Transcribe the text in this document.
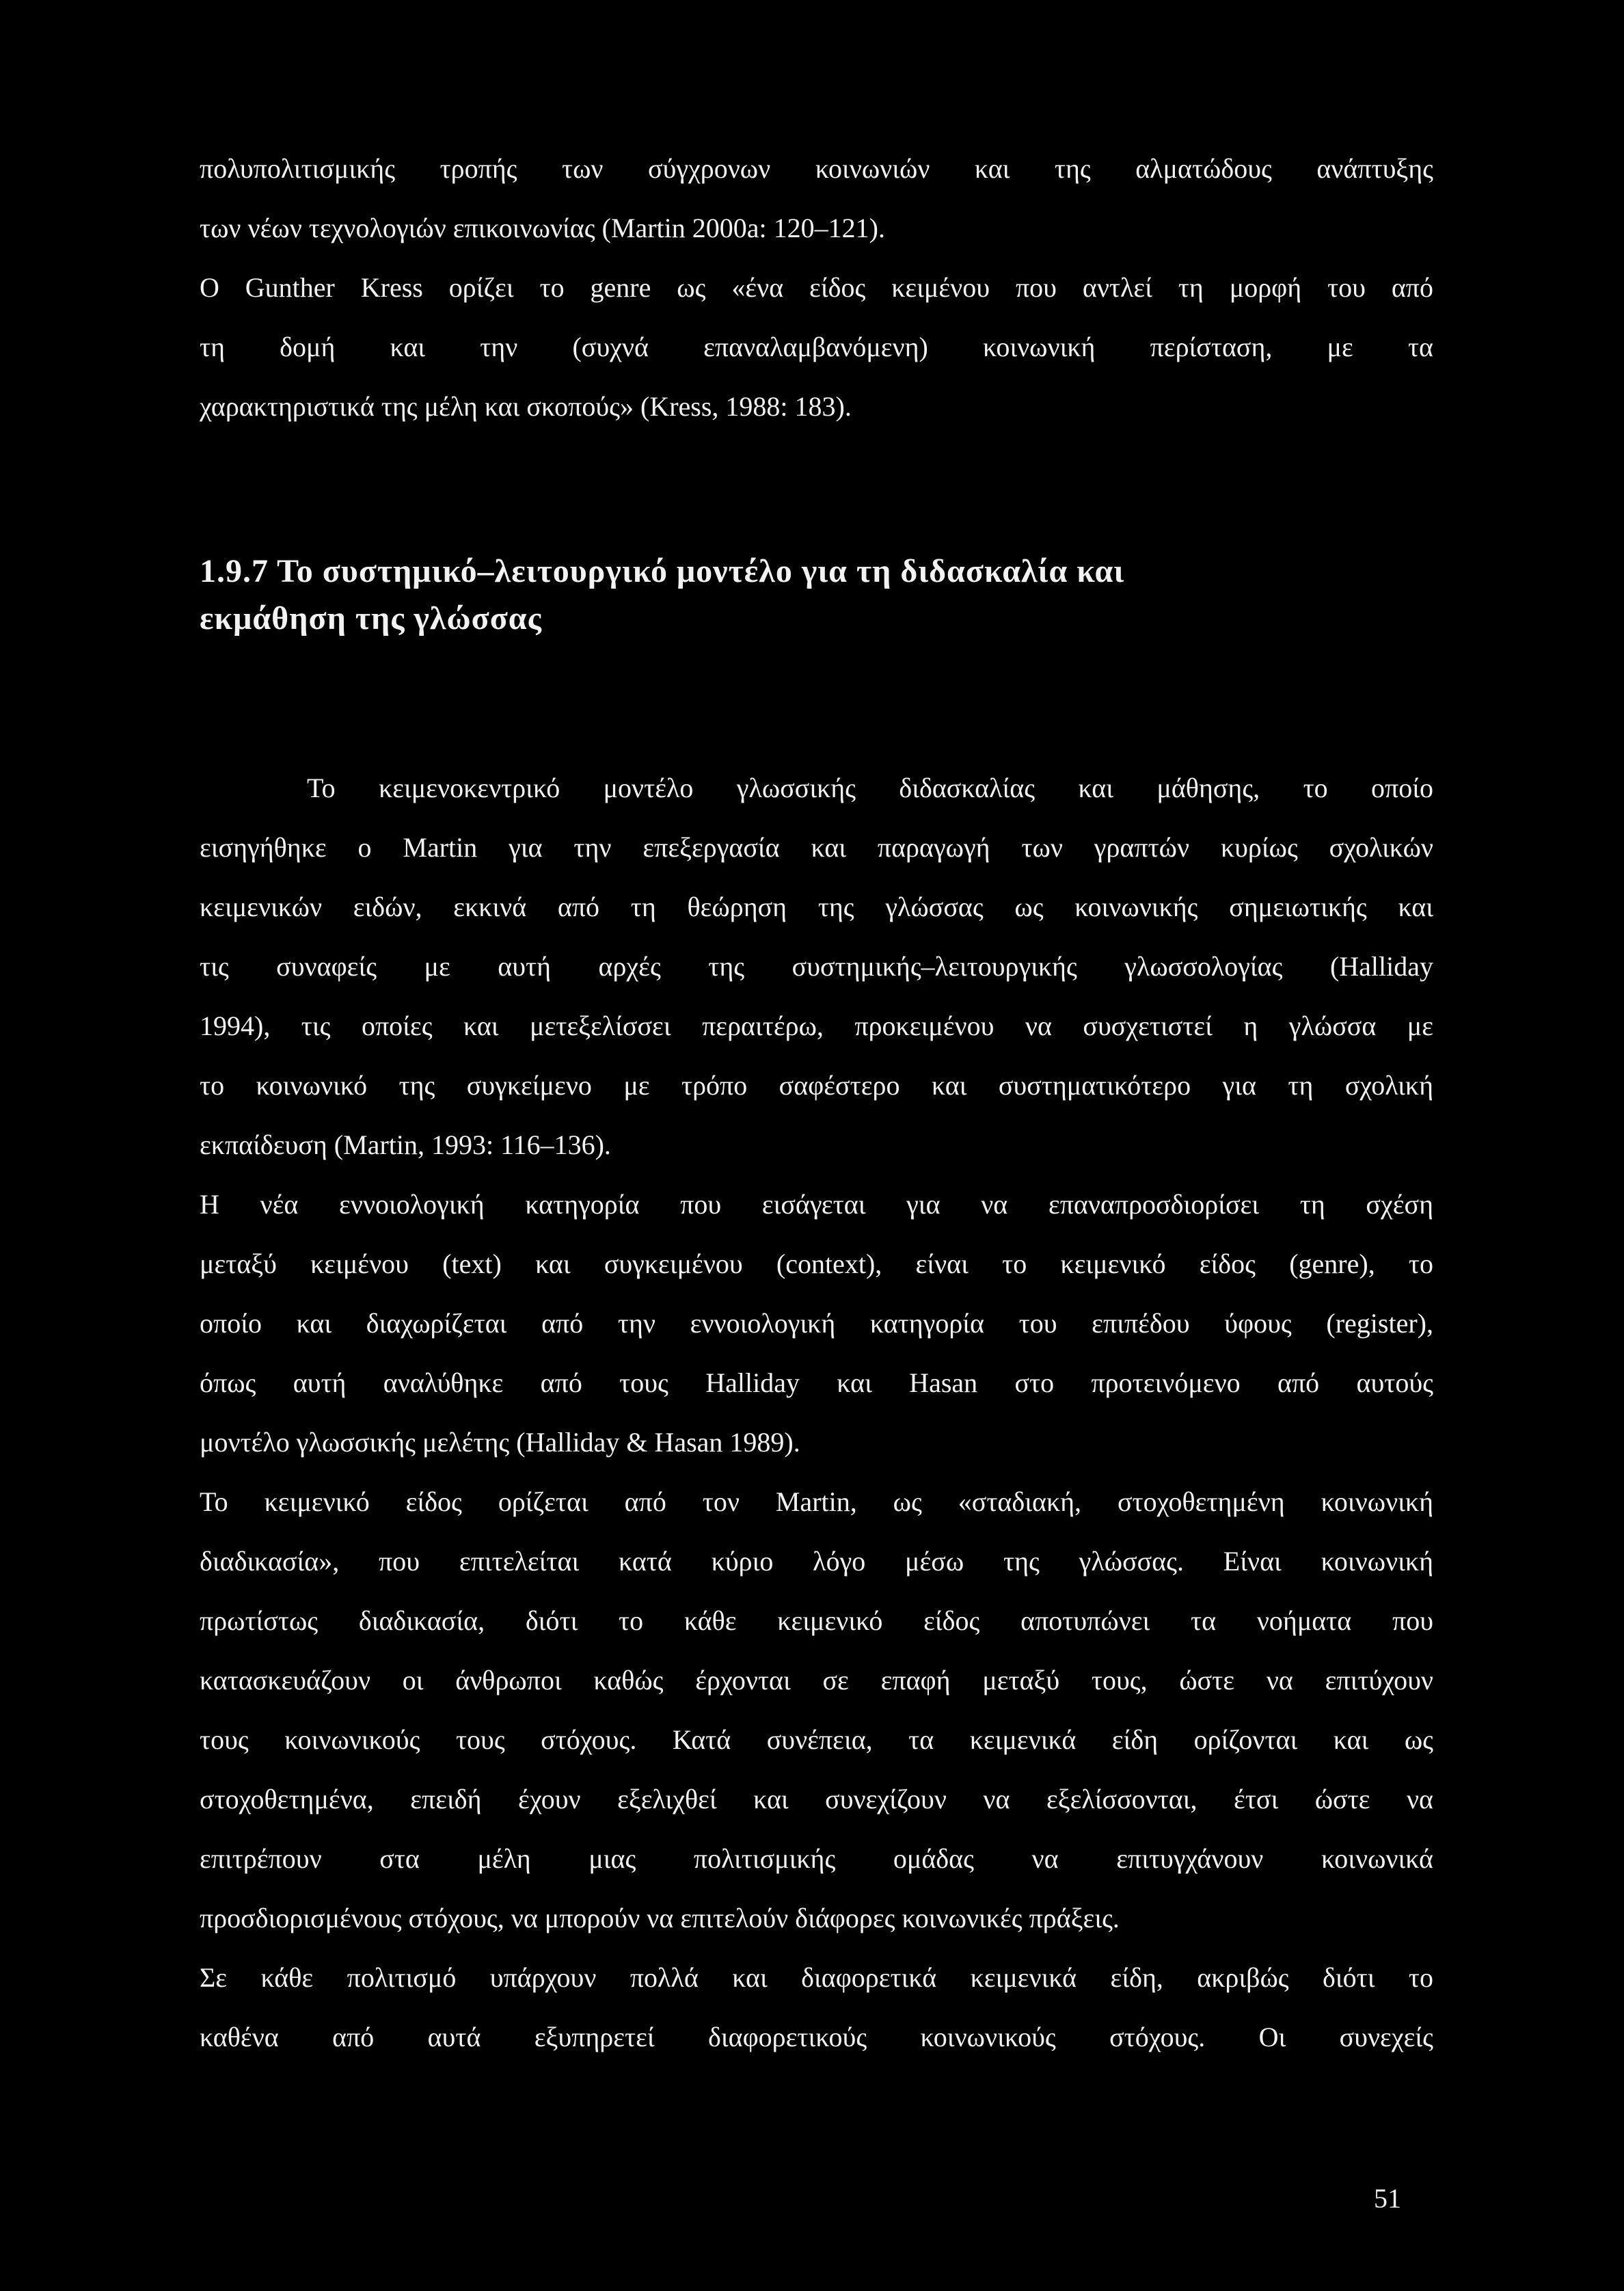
πολυπολιτισμικής τροπής των σύγχρονων κοινωνιών και της αλματώδους ανάπτυξης
των νέων τεχνολογιών επικοινωνίας (Martin 2000a: 120–121).
Ο Gunther Kress ορίζει το genre ως «ένα είδος κειμένου που αντλεί τη μορφή του από
τη δομή και την (συχνά επαναλαμβανόμενη) κοινωνική περίσταση, με τα
χαρακτηριστικά της μέλη και σκοπούς» (Kress, 1988: 183).
1.9.7 Το συστημικό–λειτουργικό μοντέλο για τη διδασκαλία και
εκμάθηση της γλώσσας
Το κειμενοκεντρικό μοντέλο γλωσσικής διδασκαλίας και μάθησης, το οποίο
εισηγήθηκε ο Martin για την επεξεργασία και παραγωγή των γραπτών κυρίως σχολικών
κειμενικών ειδών, εκκινά από τη θεώρηση της γλώσσας ως κοινωνικής σημειωτικής και
τις συναφείς με αυτή αρχές της συστημικής–λειτουργικής γλωσσολογίας (Halliday
1994), τις οποίες και μετεξελίσσει περαιτέρω, προκειμένου να συσχετιστεί η γλώσσα με
το κοινωνικό της συγκείμενο με τρόπο σαφέστερο και συστηματικότερο για τη σχολική
εκπαίδευση (Martin, 1993: 116–136).
Η νέα εννοιολογική κατηγορία που εισάγεται για να επαναπροσδιορίσει τη σχέση
μεταξύ κειμένου (text) και συγκειμένου (context), είναι το κειμενικό είδος (genre), το
οποίο και διαχωρίζεται από την εννοιολογική κατηγορία του επιπέδου ύφους (register),
όπως αυτή αναλύθηκε από τους Halliday και Hasan στο προτεινόμενο από αυτούς
μοντέλο γλωσσικής μελέτης (Halliday & Hasan 1989).
Το κειμενικό είδος ορίζεται από τον Martin, ως «σταδιακή, στοχοθετημένη κοινωνική
διαδικασία», που επιτελείται κατά κύριο λόγο μέσω της γλώσσας. Είναι κοινωνική
πρωτίστως διαδικασία, διότι το κάθε κειμενικό είδος αποτυπώνει τα νοήματα που
κατασκευάζουν οι άνθρωποι καθώς έρχονται σε επαφή μεταξύ τους, ώστε να επιτύχουν
τους κοινωνικούς τους στόχους. Κατά συνέπεια, τα κειμενικά είδη ορίζονται και ως
στοχοθετημένα, επειδή έχουν εξελιχθεί και συνεχίζουν να εξελίσσονται, έτσι ώστε να
επιτρέπουν στα μέλη μιας πολιτισμικής ομάδας να επιτυγχάνουν κοινωνικά
προσδιορισμένους στόχους, να μπορούν να επιτελούν διάφορες κοινωνικές πράξεις.
Σε κάθε πολιτισμό υπάρχουν πολλά και διαφορετικά κειμενικά είδη, ακριβώς διότι το
καθένα από αυτά εξυπηρετεί διαφορετικούς κοινωνικούς στόχους. Οι συνεχείς
51
